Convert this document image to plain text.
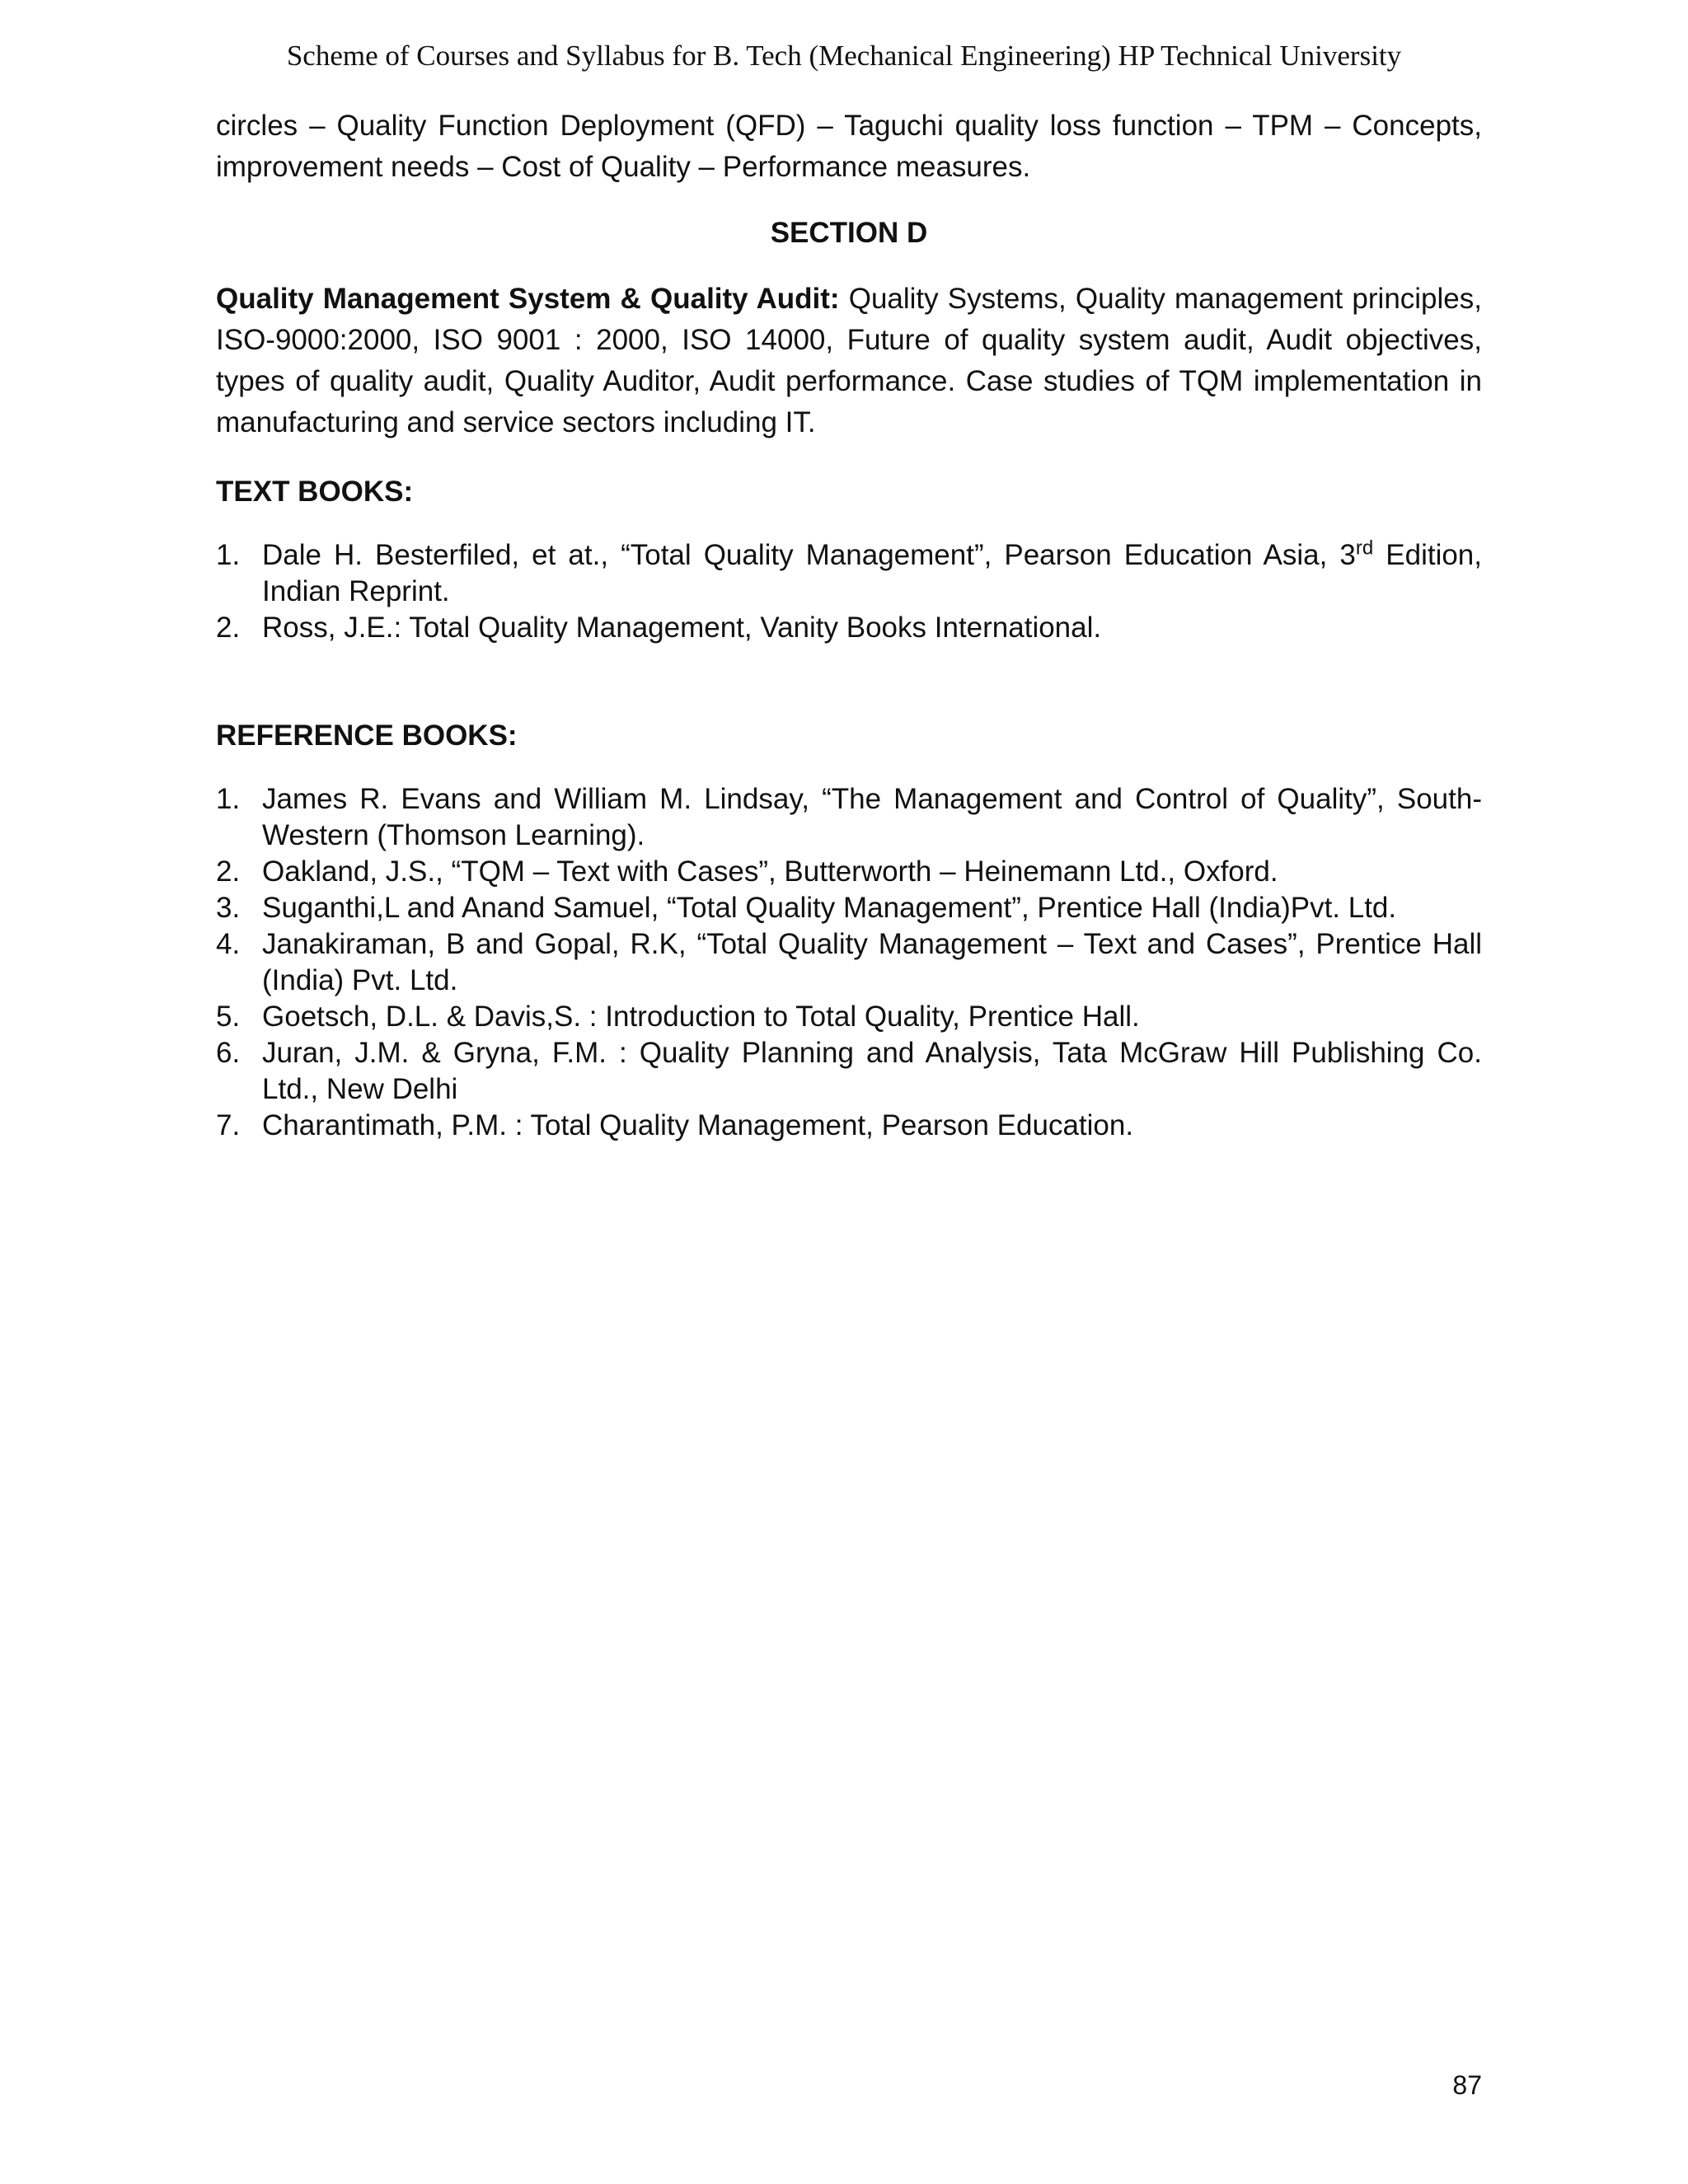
Scheme of Courses and Syllabus for B. Tech (Mechanical Engineering) HP Technical University

circles – Quality Function Deployment (QFD) – Taguchi quality loss function – TPM – Concepts, improvement needs – Cost of Quality – Performance measures.

SECTION D

Quality Management System & Quality Audit: Quality Systems, Quality management principles, ISO-9000:2000, ISO 9001 : 2000, ISO 14000, Future of quality system audit, Audit objectives, types of quality audit, Quality Auditor, Audit performance. Case studies of TQM implementation in manufacturing and service sectors including IT.

TEXT BOOKS:
1. Dale H. Besterfiled, et at., “Total Quality Management”, Pearson Education Asia, 3rd Edition, Indian Reprint.
2. Ross, J.E.: Total Quality Management, Vanity Books International.
REFERENCE BOOKS:
1. James R. Evans and William M. Lindsay, “The Management and Control of Quality”, South-Western (Thomson Learning).
2. Oakland, J.S., “TQM – Text with Cases”, Butterworth – Heinemann Ltd., Oxford.
3. Suganthi,L and Anand Samuel, “Total Quality Management”, Prentice Hall (India)Pvt. Ltd.
4. Janakiraman, B and Gopal, R.K, “Total Quality Management – Text and Cases”, Prentice Hall (India) Pvt. Ltd.
5. Goetsch, D.L. & Davis,S. : Introduction to Total Quality, Prentice Hall.
6. Juran, J.M. & Gryna, F.M. : Quality Planning and Analysis, Tata McGraw Hill Publishing Co. Ltd., New Delhi
7. Charantimath, P.M. : Total Quality Management, Pearson Education.
87
